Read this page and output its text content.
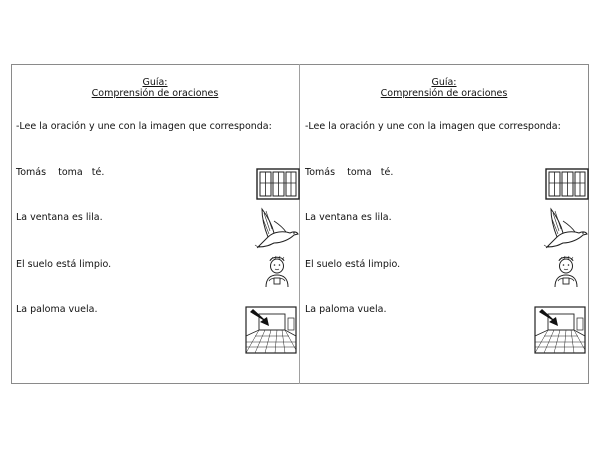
Guía:
Comprensión de oraciones
-Lee la oración y une con la imagen que corresponda:
Tomás    toma   té.
La ventana es lila.
El suelo está limpio.
La paloma vuela.
Guía:
Comprensión de oraciones
-Lee la oración y une con la imagen que corresponda:
Tomás    toma   té.
La ventana es lila.
El suelo está limpio.
La paloma vuela.
